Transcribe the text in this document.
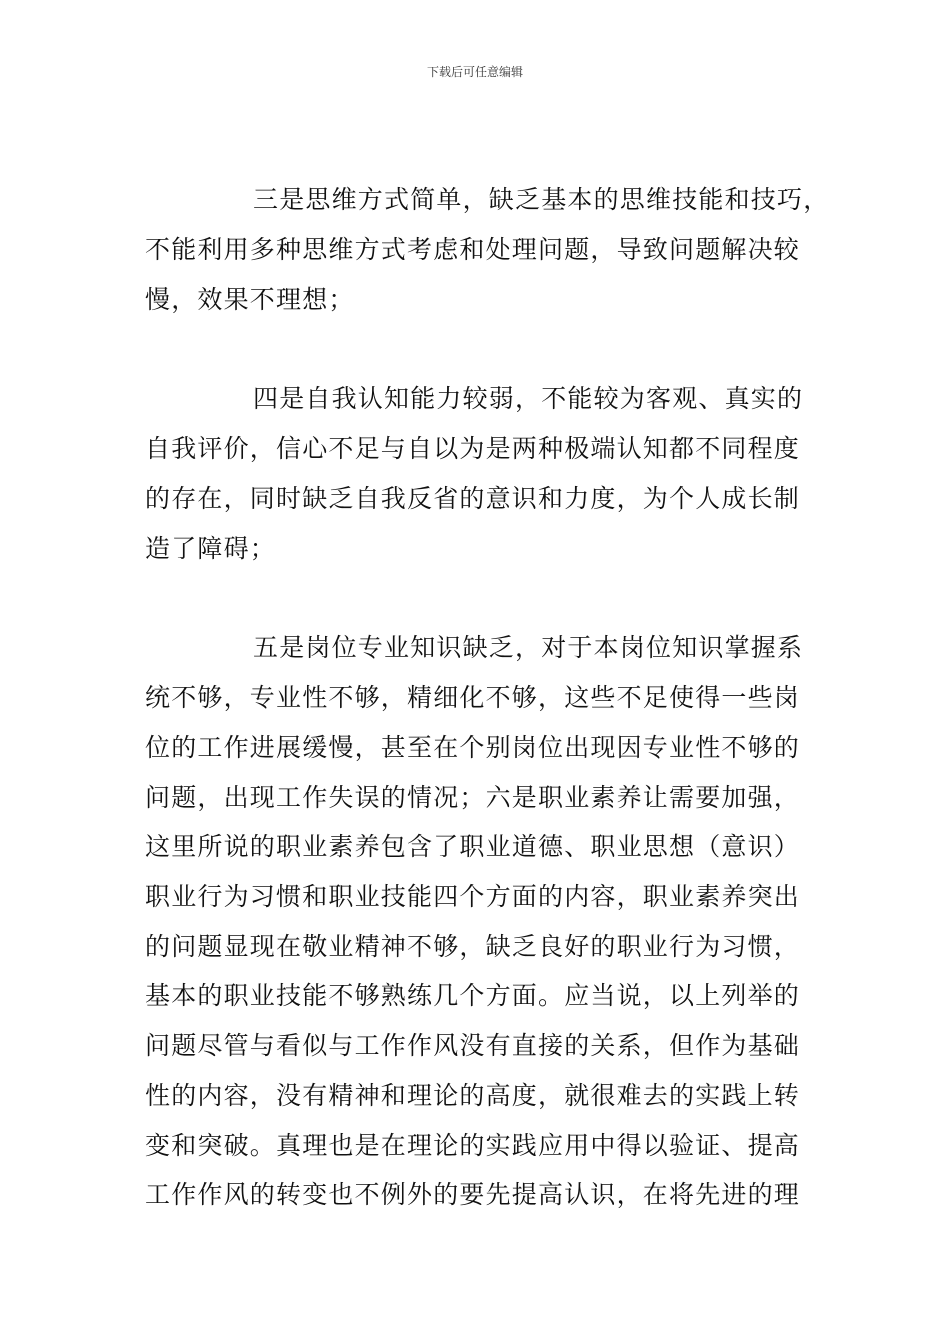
下载后可任意编辑
三是思维方式简单，缺乏基本的思维技能和技巧，
不能利用多种思维方式考虑和处理问题，导致问题解决较
慢，效果不理想；
四是自我认知能力较弱，不能较为客观、真实的
自我评价，信心不足与自以为是两种极端认知都不同程度
的存在，同时缺乏自我反省的意识和力度，为个人成长制
造了障碍；
五是岗位专业知识缺乏，对于本岗位知识掌握系
统不够，专业性不够，精细化不够，这些不足使得一些岗
位的工作进展缓慢，甚至在个别岗位出现因专业性不够的
问题，出现工作失误的情况；六是职业素养让需要加强，
这里所说的职业素养包含了职业道德、职业思想（意识）
职业行为习惯和职业技能四个方面的内容，职业素养突出
的问题显现在敬业精神不够，缺乏良好的职业行为习惯，
基本的职业技能不够熟练几个方面。应当说，以上列举的
问题尽管与看似与工作作风没有直接的关系，但作为基础
性的内容，没有精神和理论的高度，就很难去的实践上转
变和突破。真理也是在理论的实践应用中得以验证、提高
工作作风的转变也不例外的要先提高认识，在将先进的理
